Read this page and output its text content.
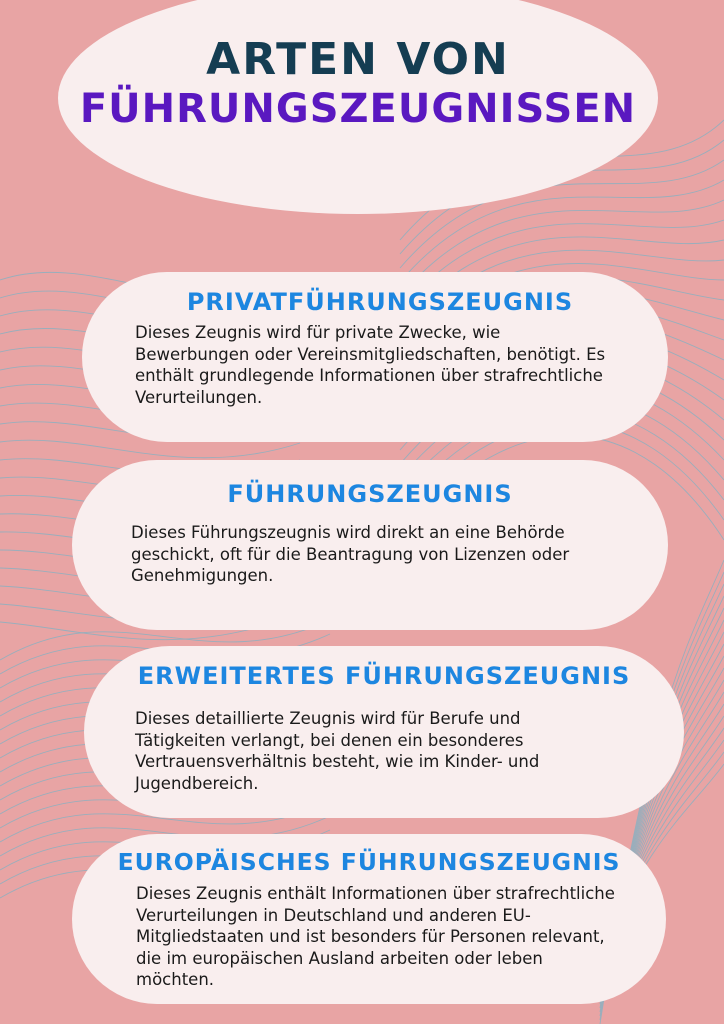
ARTEN VON
FÜHRUNGSZEUGNISSEN
PRIVATFÜHRUNGSZEUGNIS
Dieses Zeugnis wird für private Zwecke, wie Bewerbungen oder Vereinsmitgliedschaften, benötigt. Es enthält grundlegende Informationen über strafrechtliche Verurteilungen.
FÜHRUNGSZEUGNIS
Dieses Führungszeugnis wird direkt an eine Behörde geschickt, oft für die Beantragung von Lizenzen oder Genehmigungen.
ERWEITERTES FÜHRUNGSZEUGNIS
Dieses detaillierte Zeugnis wird für Berufe und Tätigkeiten verlangt, bei denen ein besonderes Vertrauensverhältnis besteht, wie im Kinder- und Jugendbereich.
EUROPÄISCHES FÜHRUNGSZEUGNIS
Dieses Zeugnis enthält Informationen über strafrechtliche Verurteilungen in Deutschland und anderen EU-Mitgliedstaaten und ist besonders für Personen relevant, die im europäischen Ausland arbeiten oder leben möchten.
